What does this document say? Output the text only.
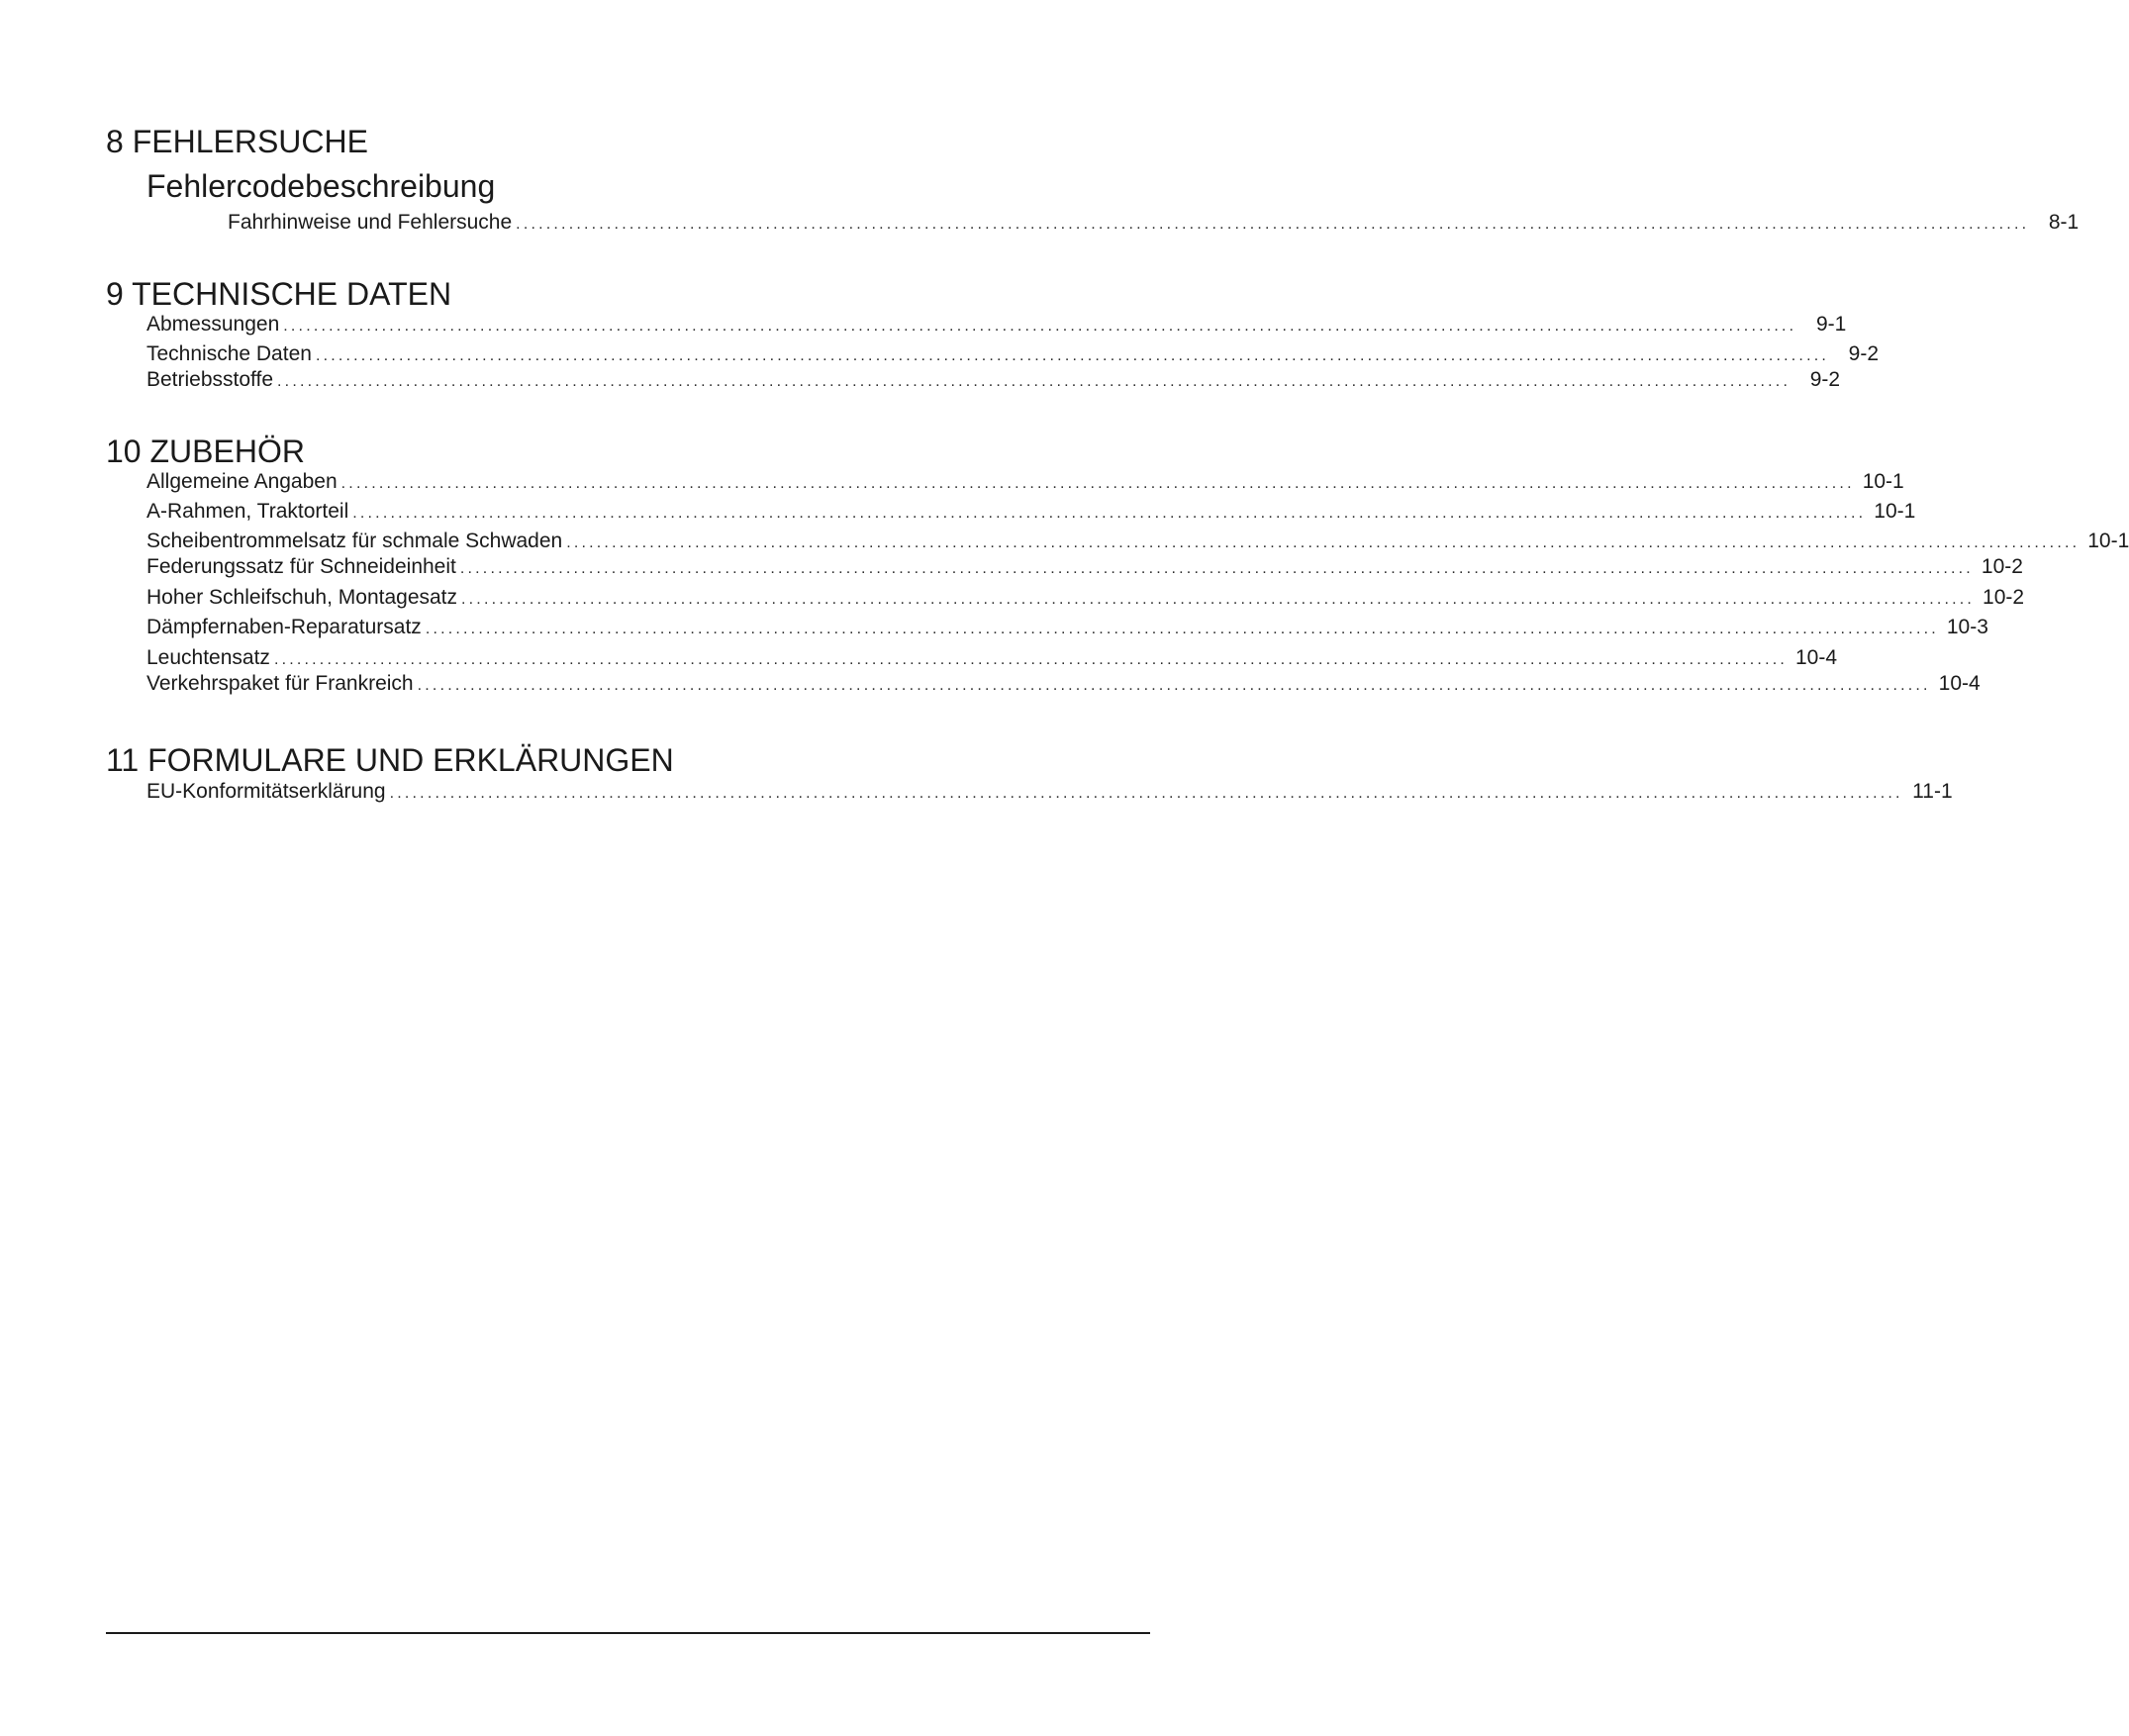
8 FEHLERSUCHE
Fehlercodebeschreibung
Fahrhinweise und Fehlersuche ........................................................................................................................................................................................................ 8-1
9 TECHNISCHE DATEN
Abmessungen ........................................................................................................................................................................................................ 9-1
Technische Daten ........................................................................................................................................................................................................ 9-2
Betriebsstoffe ........................................................................................................................................................................................................ 9-2
10 ZUBEHÖR
Allgemeine Angaben ........................................................................................................................................................................................................ 10-1
A-Rahmen, Traktorteil ........................................................................................................................................................................................................ 10-1
Scheibentrommelsatz für schmale Schwaden ........................................................................................................................................................................................................ 10-1
Federungssatz für Schneideinheit ........................................................................................................................................................................................................ 10-2
Hoher Schleifschuh, Montagesatz ........................................................................................................................................................................................................ 10-2
Dämpfernaben-Reparatursatz ........................................................................................................................................................................................................ 10-3
Leuchtensatz ........................................................................................................................................................................................................ 10-4
Verkehrspaket für Frankreich ........................................................................................................................................................................................................ 10-4
11 FORMULARE UND ERKLÄRUNGEN
EU-Konformitätserklärung ........................................................................................................................................................................................................ 11-1
